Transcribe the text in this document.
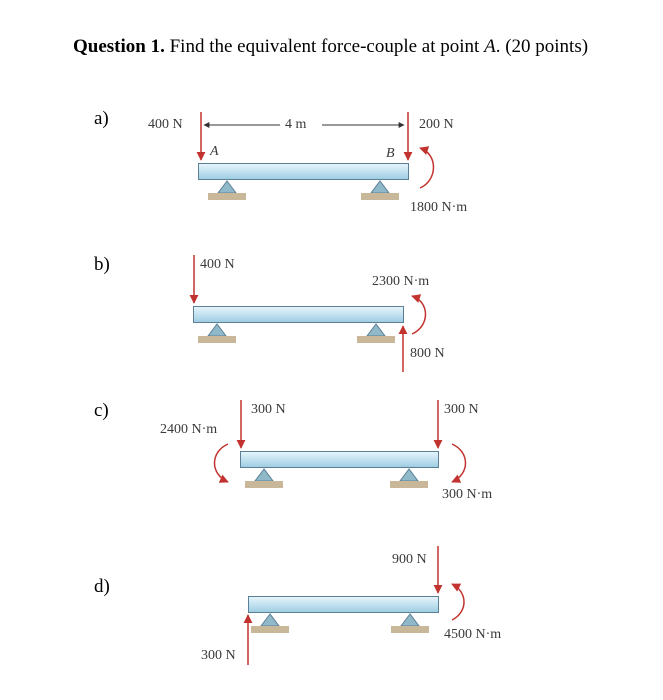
Question 1. Find the equivalent force-couple at point A. (20 points)
a)
b)
c)
d)
400 N	4 m	200 N
A	B
1800 N·m
400 N
2300 N·m
800 N
300 N
2400 N·m
300 N
300 N·m
900 N
4500 N·m
300 N
